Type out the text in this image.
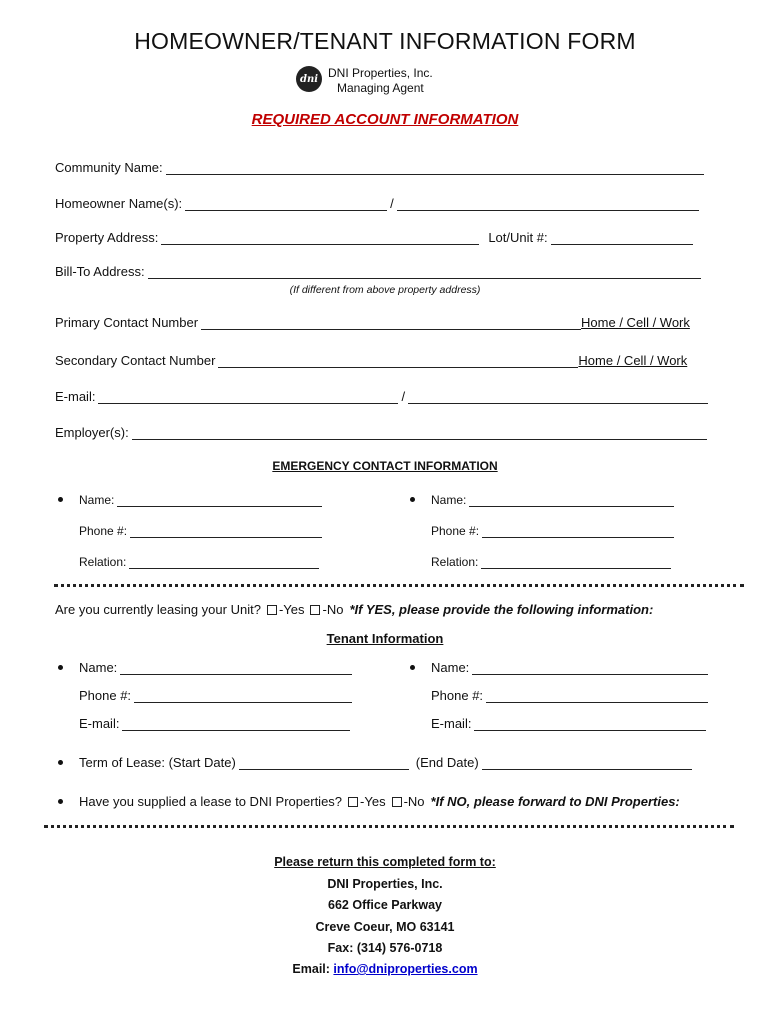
HOMEOWNER/TENANT INFORMATION FORM
dni DNI Properties, Inc.
Managing Agent
REQUIRED ACCOUNT INFORMATION
Community Name:
Homeowner Name(s):	/
Property Address:	Lot/Unit #:
Bill-To Address:
(If different from above property address)
Primary Contact Number	Home / Cell / Work
Secondary Contact Number	Home / Cell / Work
E-mail:	/
Employer(s):
EMERGENCY CONTACT INFORMATION
Name:
Phone #:
Relation:
Name:
Phone #:
Relation:
Are you currently leasing your Unit? -Yes -No *If YES, please provide the following information:
Tenant Information
Name:
Phone #:
E-mail:
Name:
Phone #:
E-mail:
Term of Lease: (Start Date)	(End Date)
Have you supplied a lease to DNI Properties? -Yes -No *If NO, please forward to DNI Properties:
Please return this completed form to:
DNI Properties, Inc.
662 Office Parkway
Creve Coeur, MO 63141
Fax: (314) 576-0718
Email: info@dniproperties.com
